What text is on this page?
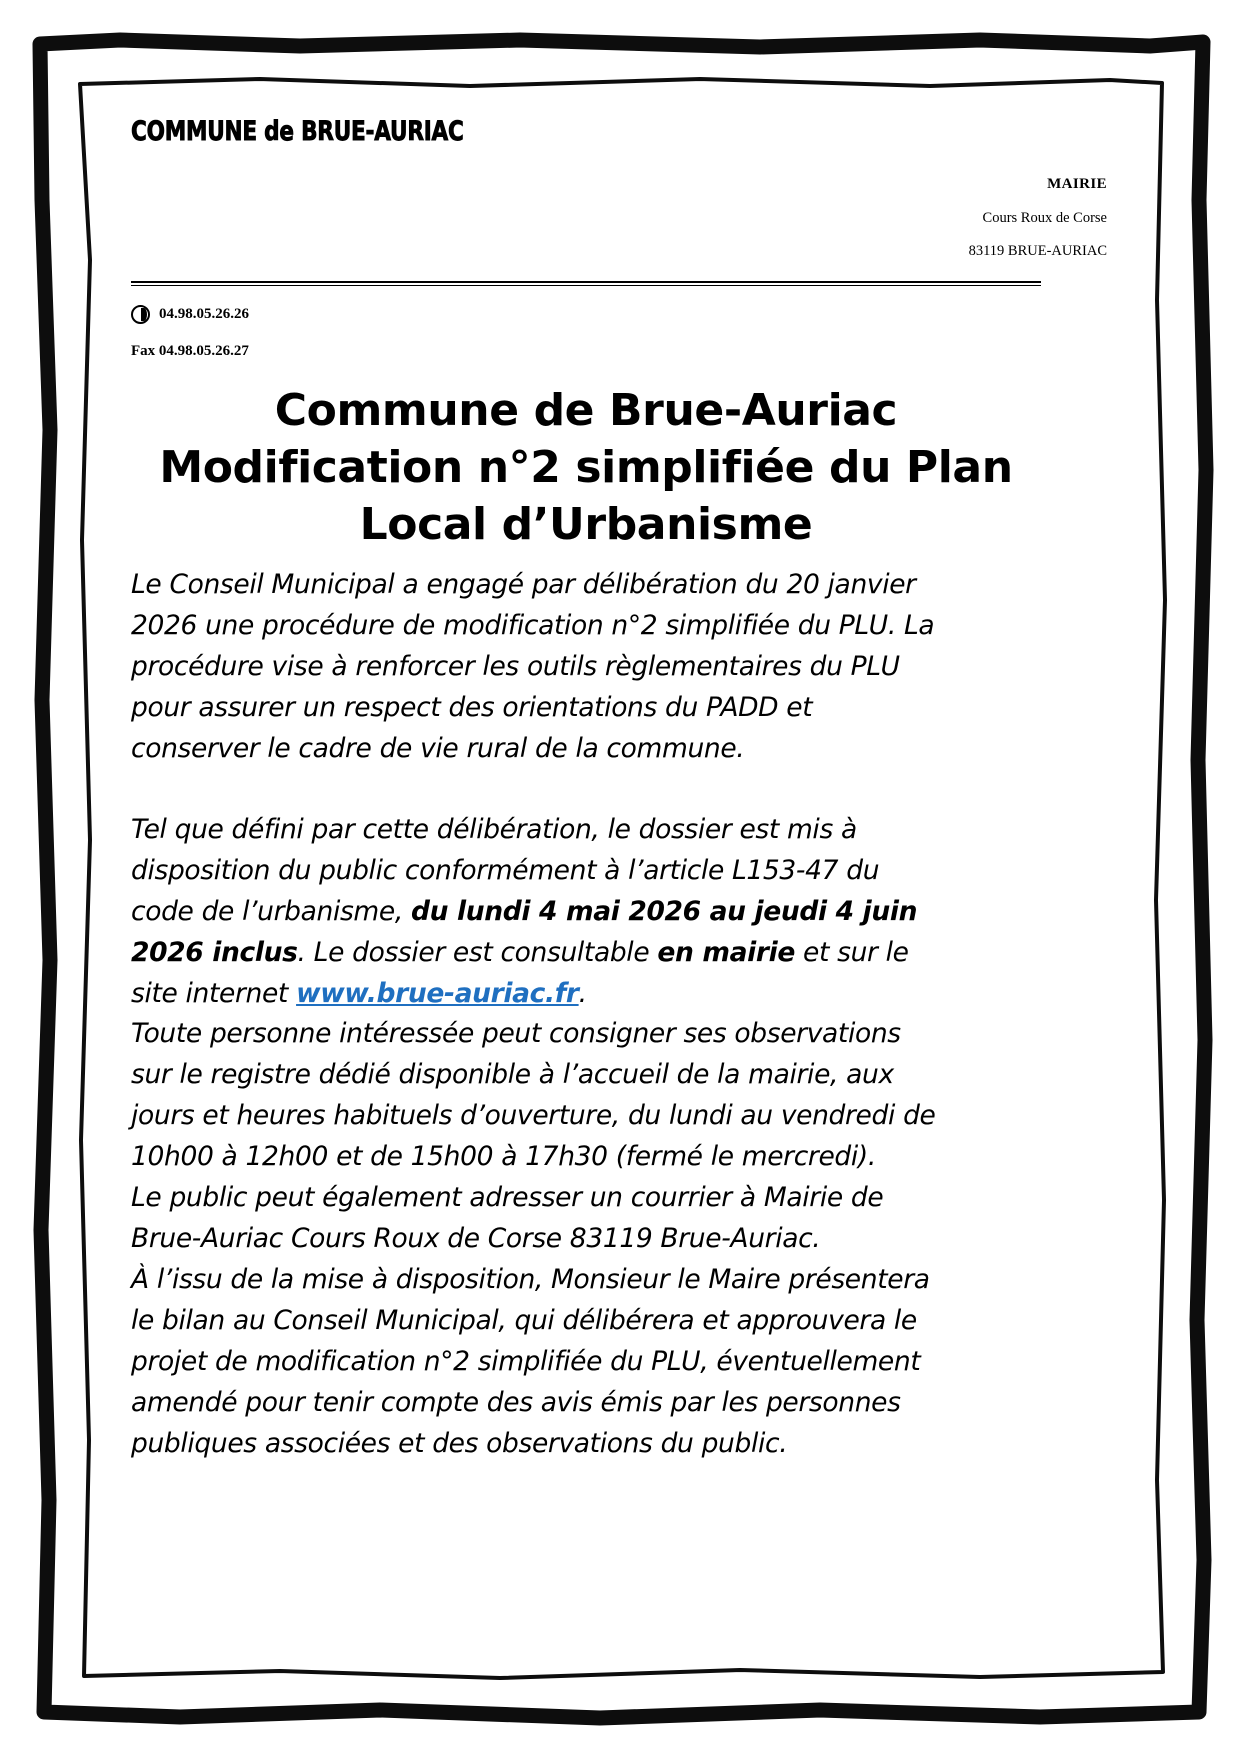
COMMUNE de BRUE-AURIAC
MAIRIE
Cours Roux de Corse
83119 BRUE-AURIAC
04.98.05.26.26
Fax 04.98.05.26.27
Commune de Brue-Auriac
Modification n°2 simplifiée du Plan
Local d’Urbanisme

Le Conseil Municipal a engagé par délibération du 20 janvier 2026 une procédure de modification n°2 simplifiée du PLU. La procédure vise à renforcer les outils règlementaires du PLU pour assurer un respect des orientations du PADD et conserver le cadre de vie rural de la commune.

Tel que défini par cette délibération, le dossier est mis à disposition du public conformément à l’article L153-47 du code de l’urbanisme, du lundi 4 mai 2026 au jeudi 4 juin 2026 inclus. Le dossier est consultable en mairie et sur le site internet www.brue-auriac.fr.

Toute personne intéressée peut consigner ses observations sur le registre dédié disponible à l’accueil de la mairie, aux jours et heures habituels d’ouverture, du lundi au vendredi de 10h00 à 12h00 et de 15h00 à 17h30 (fermé le mercredi).

Le public peut également adresser un courrier à Mairie de Brue-Auriac Cours Roux de Corse 83119 Brue-Auriac.

À l’issu de la mise à disposition, Monsieur le Maire présentera le bilan au Conseil Municipal, qui délibérera et approuvera le projet de modification n°2 simplifiée du PLU, éventuellement amendé pour tenir compte des avis émis par les personnes publiques associées et des observations du public.
